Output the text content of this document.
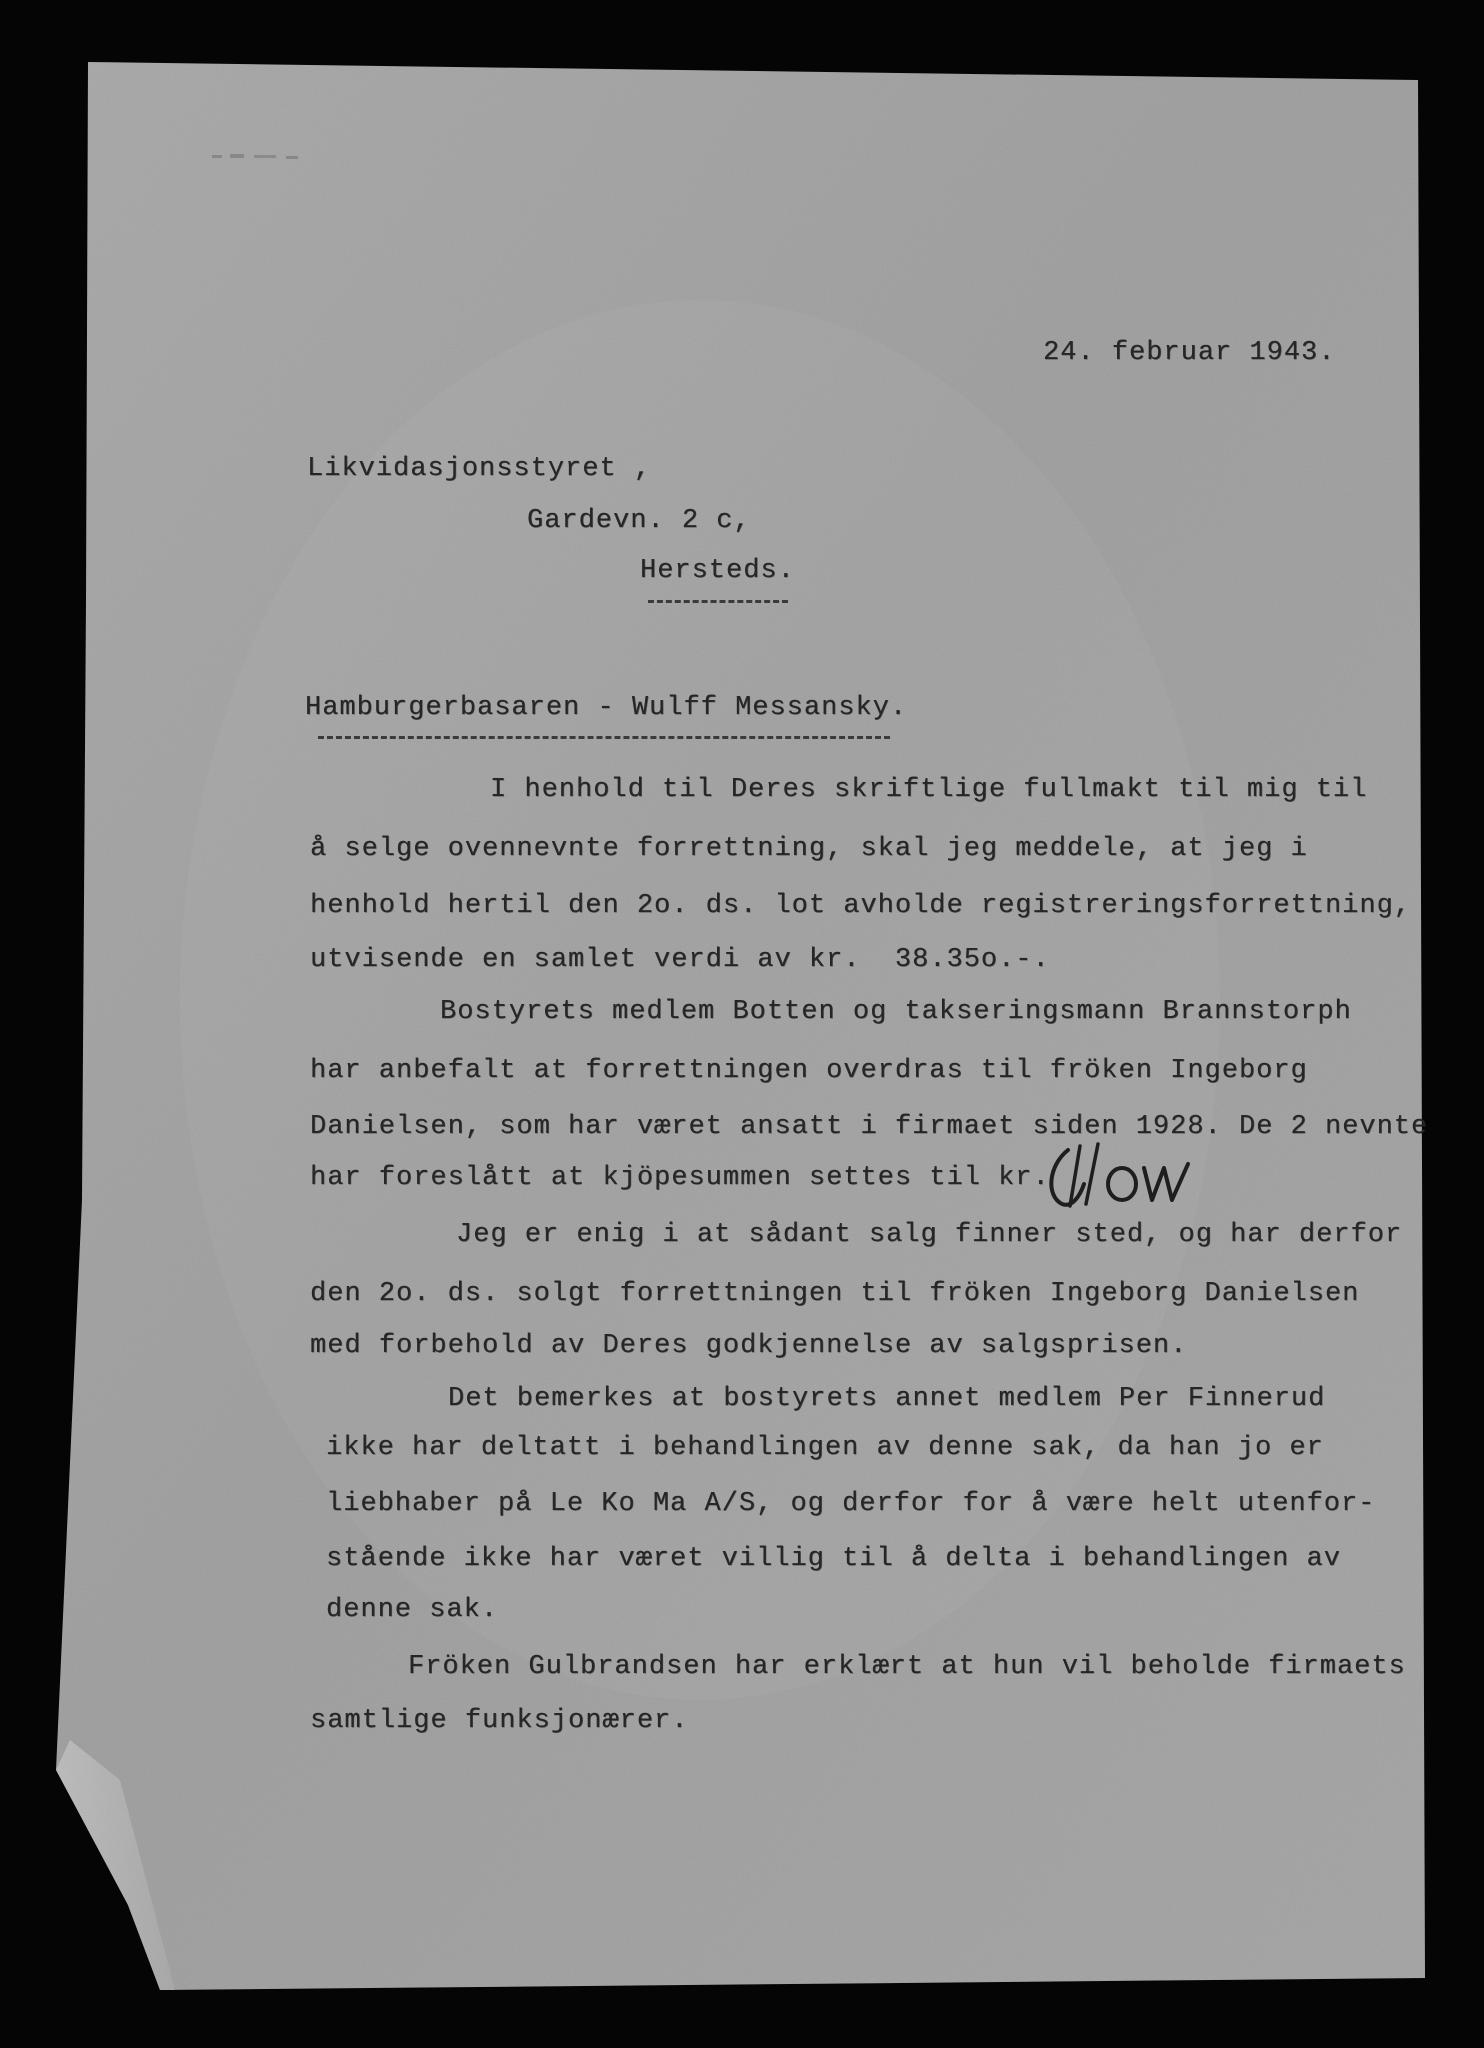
24. februar 1943.
Likvidasjonsstyret ,
Gardevn. 2 c,
Hersteds.
Hamburgerbasaren - Wulff Messansky.
I henhold til Deres skriftlige fullmakt til mig til
å selge ovennevnte forrettning, skal jeg meddele, at jeg i
henhold hertil den 2o. ds. lot avholde registreringsforrettning,
utvisende en samlet verdi av kr.  38.35o.-.
Bostyrets medlem Botten og takseringsmann Brannstorph
har anbefalt at forrettningen overdras til fröken Ingeborg
Danielsen, som har været ansatt i firmaet siden 1928. De 2 nevnte
har foreslått at kjöpesummen settes til kr.
Jeg er enig i at sådant salg finner sted, og har derfor
den 2o. ds. solgt forrettningen til fröken Ingeborg Danielsen
med forbehold av Deres godkjennelse av salgsprisen.
Det bemerkes at bostyrets annet medlem Per Finnerud
ikke har deltatt i behandlingen av denne sak, da han jo er
liebhaber på Le Ko Ma A/S, og derfor for å være helt utenfor-
stående ikke har været villig til å delta i behandlingen av
denne sak.
Fröken Gulbrandsen har erklært at hun vil beholde firmaets
samtlige funksjonærer.
